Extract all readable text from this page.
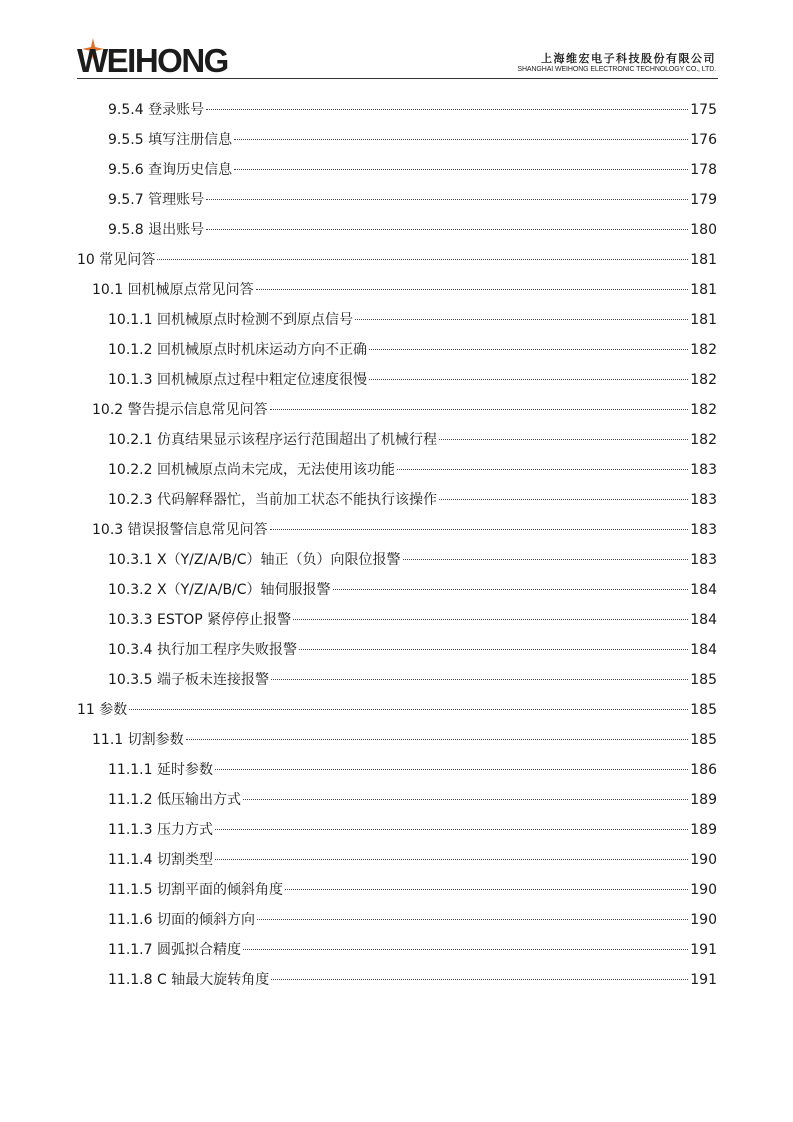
WEIHONG	上海维宏电子科技股份有限公司
SHANGHAI WEIHONG ELECTRONIC TECHNOLOGY CO., LTD.
9.5.4 登录账号	175
9.5.5 填写注册信息	176
9.5.6 查询历史信息	178
9.5.7 管理账号	179
9.5.8 退出账号	180
10 常见问答	181
10.1 回机械原点常见问答	181
10.1.1 回机械原点时检测不到原点信号	181
10.1.2 回机械原点时机床运动方向不正确	182
10.1.3 回机械原点过程中粗定位速度很慢	182
10.2 警告提示信息常见问答	182
10.2.1 仿真结果显示该程序运行范围超出了机械行程	182
10.2.2 回机械原点尚未完成，无法使用该功能	183
10.2.3 代码解释器忙，当前加工状态不能执行该操作	183
10.3 错误报警信息常见问答	183
10.3.1 X（Y/Z/A/B/C）轴正（负）向限位报警	183
10.3.2 X（Y/Z/A/B/C）轴伺服报警	184
10.3.3 ESTOP 紧停停止报警	184
10.3.4 执行加工程序失败报警	184
10.3.5 端子板未连接报警	185
11 参数	185
11.1 切割参数	185
11.1.1 延时参数	186
11.1.2 低压输出方式	189
11.1.3 压力方式	189
11.1.4 切割类型	190
11.1.5 切割平面的倾斜角度	190
11.1.6 切面的倾斜方向	190
11.1.7 圆弧拟合精度	191
11.1.8 C 轴最大旋转角度	191
